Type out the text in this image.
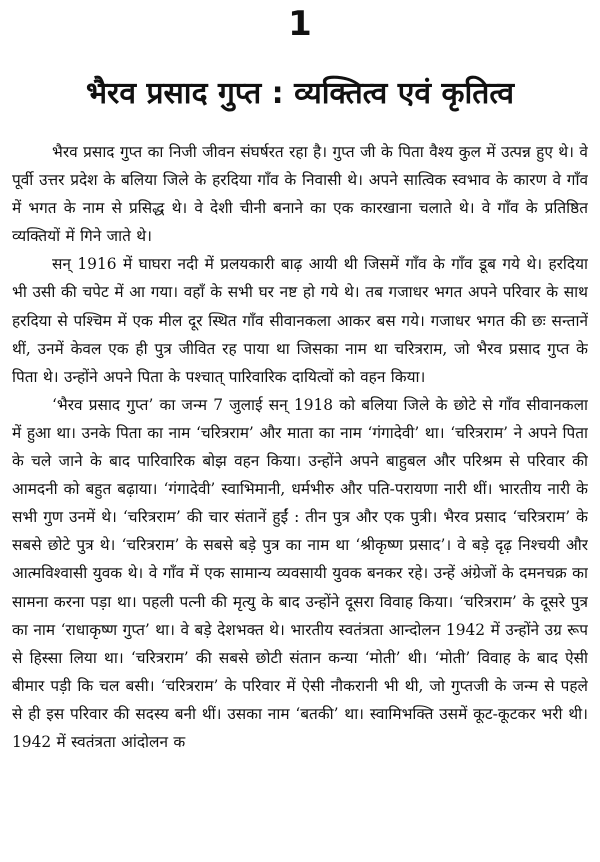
1
भैरव प्रसाद गुप्त : व्यक्तित्व एवं कृतित्व

भैरव प्रसाद गुप्त का निजी जीवन संघर्षरत रहा है। गुप्त जी के पिता वैश्य कुल में उत्पन्न हुए थे। वे पूर्वी उत्तर प्रदेश के बलिया जिले के हरदिया गाँव के निवासी थे। अपने सात्विक स्वभाव के कारण वे गाँव में भगत के नाम से प्रसिद्ध थे। वे देशी चीनी बनाने का एक कारखाना चलाते थे। वे गाँव के प्रतिष्ठित व्यक्तियों में गिने जाते थे।

सन् 1916 में घाघरा नदी में प्रलयकारी बाढ़ आयी थी जिसमें गाँव के गाँव डूब गये थे। हरदिया भी उसी की चपेट में आ गया। वहाँ के सभी घर नष्ट हो गये थे। तब गजाधर भगत अपने परिवार के साथ हरदिया से पश्चिम में एक मील दूर स्थित गाँव सीवानकला आकर बस गये। गजाधर भगत की छः सन्तानें थीं, उनमें केवल एक ही पुत्र जीवित रह पाया था जिसका नाम था चरित्रराम, जो भैरव प्रसाद गुप्त के पिता थे। उन्होंने अपने पिता के पश्चात् पारिवारिक दायित्वों को वहन किया।

‘भैरव प्रसाद गुप्त’ का जन्म 7 जुलाई सन् 1918 को बलिया जिले के छोटे से गाँव सीवानकला में हुआ था। उनके पिता का नाम ‘चरित्रराम’ और माता का नाम ‘गंगादेवी’ था। ‘चरित्रराम’ ने अपने पिता के चले जाने के बाद पारिवारिक बोझ वहन किया। उन्होंने अपने बाहुबल और परिश्रम से परिवार की आमदनी को बहुत बढ़ाया। ‘गंगादेवी’ स्वाभिमानी, धर्मभीरु और पति-परायणा नारी थीं। भारतीय नारी के सभी गुण उनमें थे। ‘चरित्रराम’ की चार संतानें हुईं : तीन पुत्र और एक पुत्री। भैरव प्रसाद ‘चरित्रराम’ के सबसे छोटे पुत्र थे। ‘चरित्रराम’ के सबसे बड़े पुत्र का नाम था ‘श्रीकृष्ण प्रसाद’। वे बड़े दृढ़ निश्चयी और आत्मविश्वासी युवक थे। वे गाँव में एक सामान्य व्यवसायी युवक बनकर रहे। उन्हें अंग्रेजों के दमनचक्र का सामना करना पड़ा था। पहली पत्नी की मृत्यु के बाद उन्होंने दूसरा विवाह किया। ‘चरित्रराम’ के दूसरे पुत्र का नाम ‘राधाकृष्ण गुप्त’ था। वे बड़े देशभक्त थे। भारतीय स्वतंत्रता आन्दोलन 1942 में उन्होंने उग्र रूप से हिस्सा लिया था। ‘चरित्रराम’ की सबसे छोटी संतान कन्या ‘मोती’ थी। ‘मोती’ विवाह के बाद ऐसी बीमार पड़ी कि चल बसी। ‘चरित्रराम’ के परिवार में ऐसी नौकरानी भी थी, जो गुप्तजी के जन्म से पहले से ही इस परिवार की सदस्य बनी थीं। उसका नाम ‘बतकी’ था। स्वामिभक्ति उसमें कूट-कूटकर भरी थी। 1942 में स्वतंत्रता आंदोलन क
